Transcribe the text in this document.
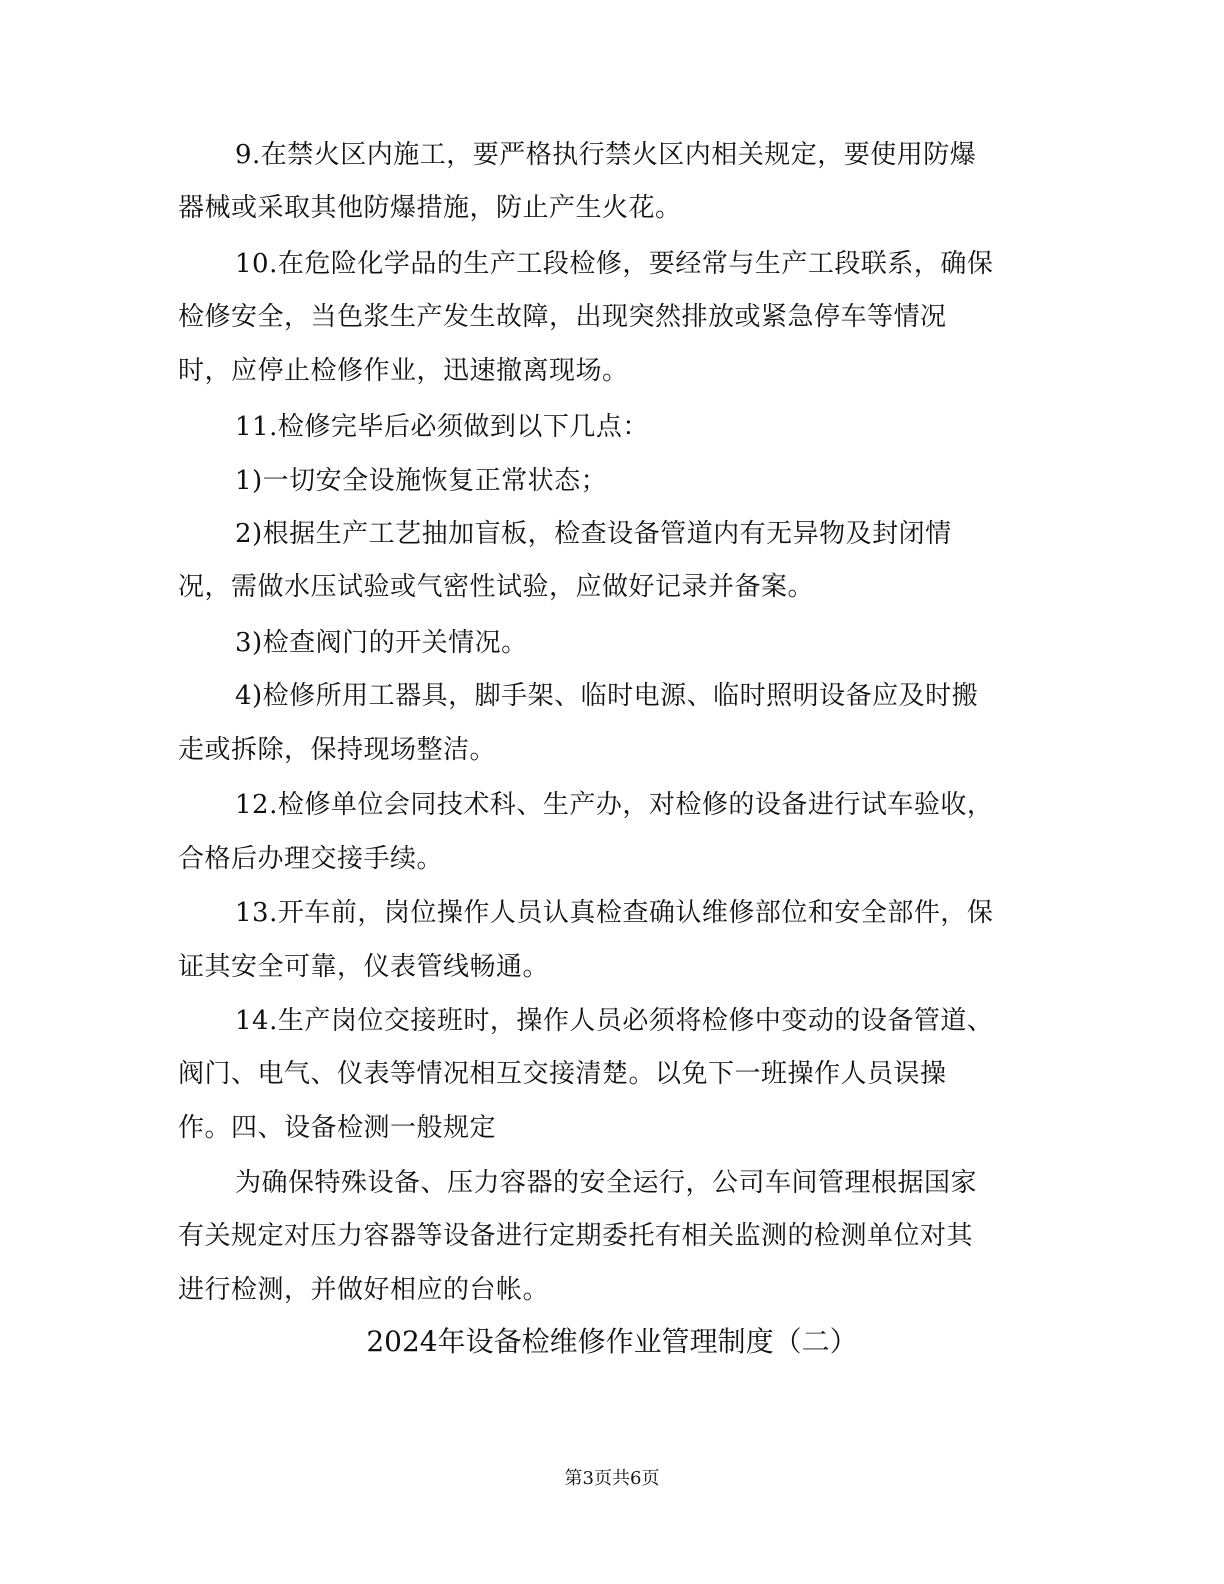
9.在禁火区内施工，要严格执行禁火区内相关规定，要使用防爆
器械或采取其他防爆措施，防止产生火花。
10.在危险化学品的生产工段检修，要经常与生产工段联系，确保
检修安全，当色浆生产发生故障，出现突然排放或紧急停车等情况
时，应停止检修作业，迅速撤离现场。
11.检修完毕后必须做到以下几点：
1)一切安全设施恢复正常状态；
2)根据生产工艺抽加盲板，检查设备管道内有无异物及封闭情
况，需做水压试验或气密性试验，应做好记录并备案。
3)检查阀门的开关情况。
4)检修所用工器具，脚手架、临时电源、临时照明设备应及时搬
走或拆除，保持现场整洁。
12.检修单位会同技术科、生产办，对检修的设备进行试车验收，
合格后办理交接手续。
13.开车前，岗位操作人员认真检查确认维修部位和安全部件，保
证其安全可靠，仪表管线畅通。
14.生产岗位交接班时，操作人员必须将检修中变动的设备管道、
阀门、电气、仪表等情况相互交接清楚。以免下一班操作人员误操
作。四、设备检测一般规定
为确保特殊设备、压力容器的安全运行，公司车间管理根据国家
有关规定对压力容器等设备进行定期委托有相关监测的检测单位对其
进行检测，并做好相应的台帐。
2024年设备检维修作业管理制度（二）
第3页共6页
